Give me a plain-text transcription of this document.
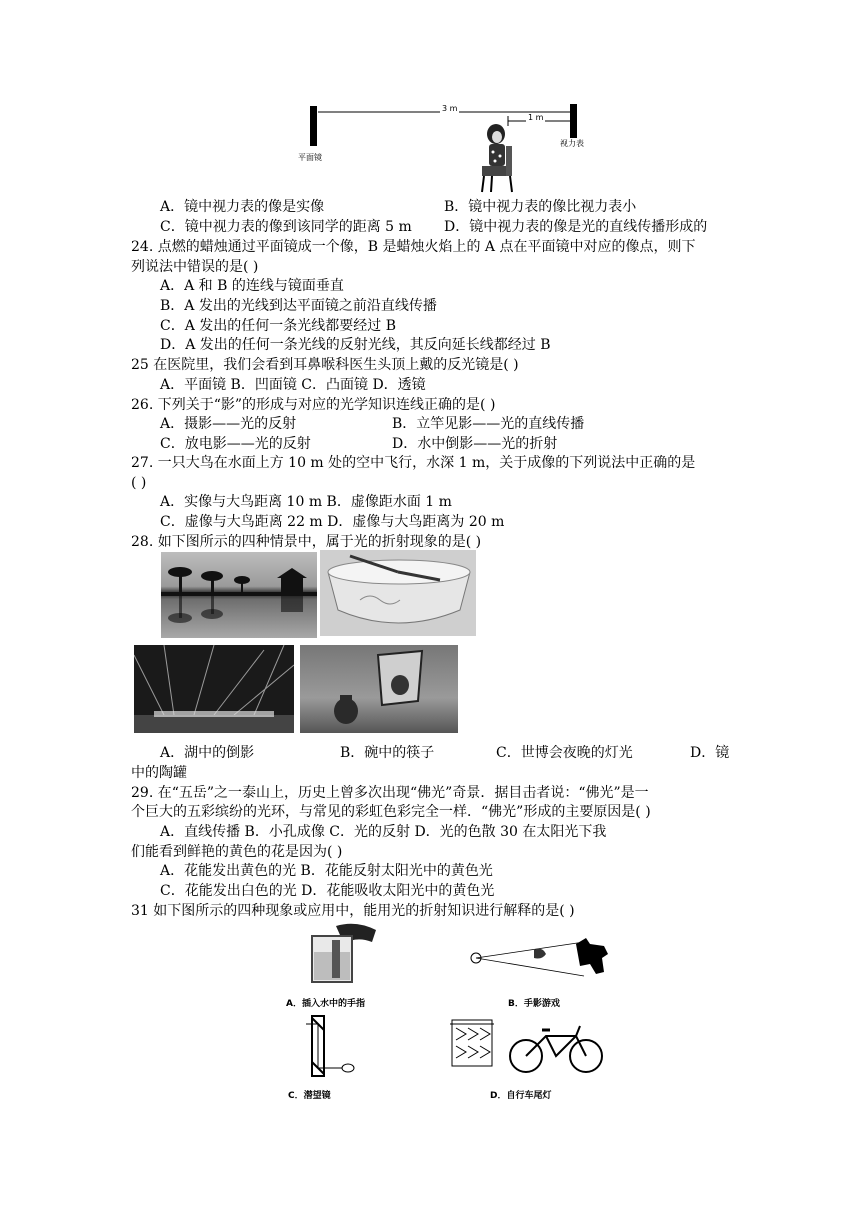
3 m
1 m
平面镜
视力表
A．镜中视力表的像是实像	B．镜中视力表的像比视力表小
C．镜中视力表的像到该同学的距离 5 m D．镜中视力表的像是光的直线传播形成的
24. 点燃的蜡烛通过平面镜成一个像，B 是蜡烛火焰上的 A 点在平面镜中对应的像点，则下
列说法中错误的是( )
A．A 和 B 的连线与镜面垂直
B．A 发出的光线到达平面镜之前沿直线传播
C．A 发出的任何一条光线都要经过 B
D．A 发出的任何一条光线的反射光线，其反向延长线都经过 B
25 在医院里，我们会看到耳鼻喉科医生头顶上戴的反光镜是( )
A．平面镜 B．凹面镜 C．凸面镜 D．透镜
26. 下列关于“影”的形成与对应的光学知识连线正确的是( )
A．摄影——光的反射	B．立竿见影——光的直线传播
C．放电影——光的反射	D．水中倒影——光的折射
27. 一只大鸟在水面上方 10 m 处的空中飞行，水深 1 m，关于成像的下列说法中正确的是
( )
A．实像与大鸟距离 10 m B．虚像距水面 1 m
C．虚像与大鸟距离 22 m D．虚像与大鸟距离为 20 m
28. 如下图所示的四种情景中，属于光的折射现象的是( )
A．湖中的倒影	B．碗中的筷子	C．世博会夜晚的灯光	D．镜
中的陶罐
29. 在“五岳”之一泰山上，历史上曾多次出现“佛光”奇景．据目击者说：“佛光”是一
个巨大的五彩缤纷的光环，与常见的彩虹色彩完全一样．“佛光”形成的主要原因是( )
A．直线传播 B．小孔成像 C．光的反射 D．光的色散 30 在太阳光下我
们能看到鲜艳的黄色的花是因为( )
A．花能发出黄色的光 B．花能反射太阳光中的黄色光
C．花能发出白色的光 D．花能吸收太阳光中的黄色光
31 如下图所示的四种现象或应用中，能用光的折射知识进行解释的是( )
A．插入水中的手指	B．手影游戏
C．潜望镜	D．自行车尾灯
